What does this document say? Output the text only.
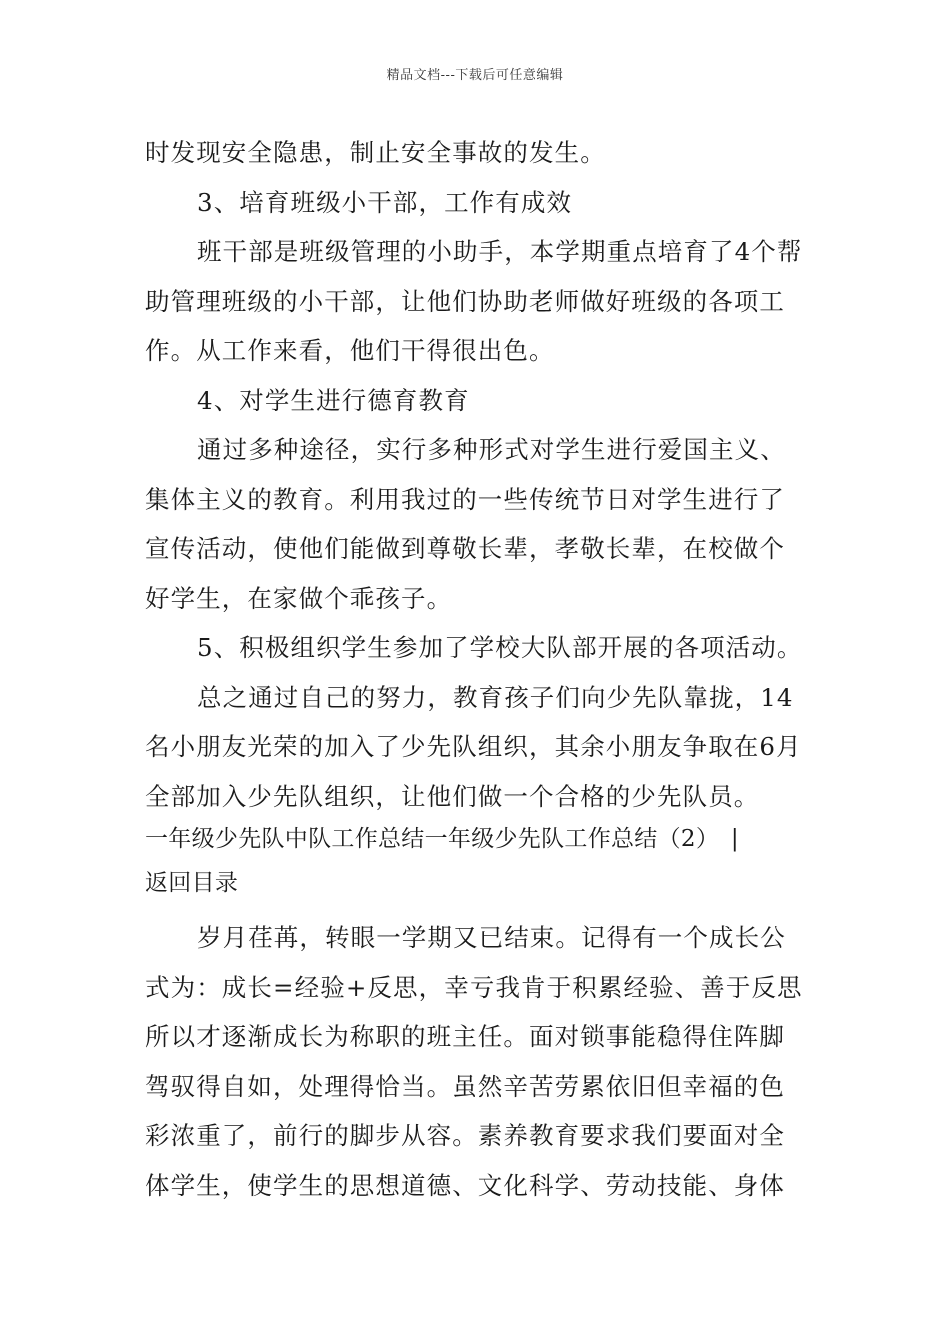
精品文档---下载后可任意编辑
时发现安全隐患，制止安全事故的发生。
3、培育班级小干部，工作有成效
班干部是班级管理的小助手，本学期重点培育了4个帮
助管理班级的小干部，让他们协助老师做好班级的各项工
作。从工作来看，他们干得很出色。
4、对学生进行德育教育
通过多种途径，实行多种形式对学生进行爱国主义、
集体主义的教育。利用我过的一些传统节日对学生进行了
宣传活动，使他们能做到尊敬长辈，孝敬长辈，在校做个
好学生，在家做个乖孩子。
5、积极组织学生参加了学校大队部开展的各项活动。
总之通过自己的努力，教育孩子们向少先队靠拢，14
名小朋友光荣的加入了少先队组织，其余小朋友争取在6月
全部加入少先队组织，让他们做一个合格的少先队员。
一年级少先队中队工作总结一年级少先队工作总结（2）　|
返回目录
岁月荏苒，转眼一学期又已结束。记得有一个成长公
式为：成长=经验+反思，幸亏我肯于积累经验、善于反思
所以才逐渐成长为称职的班主任。面对锁事能稳得住阵脚
驾驭得自如，处理得恰当。虽然辛苦劳累依旧但幸福的色
彩浓重了，前行的脚步从容。素养教育要求我们要面对全
体学生，使学生的思想道德、文化科学、劳动技能、身体
